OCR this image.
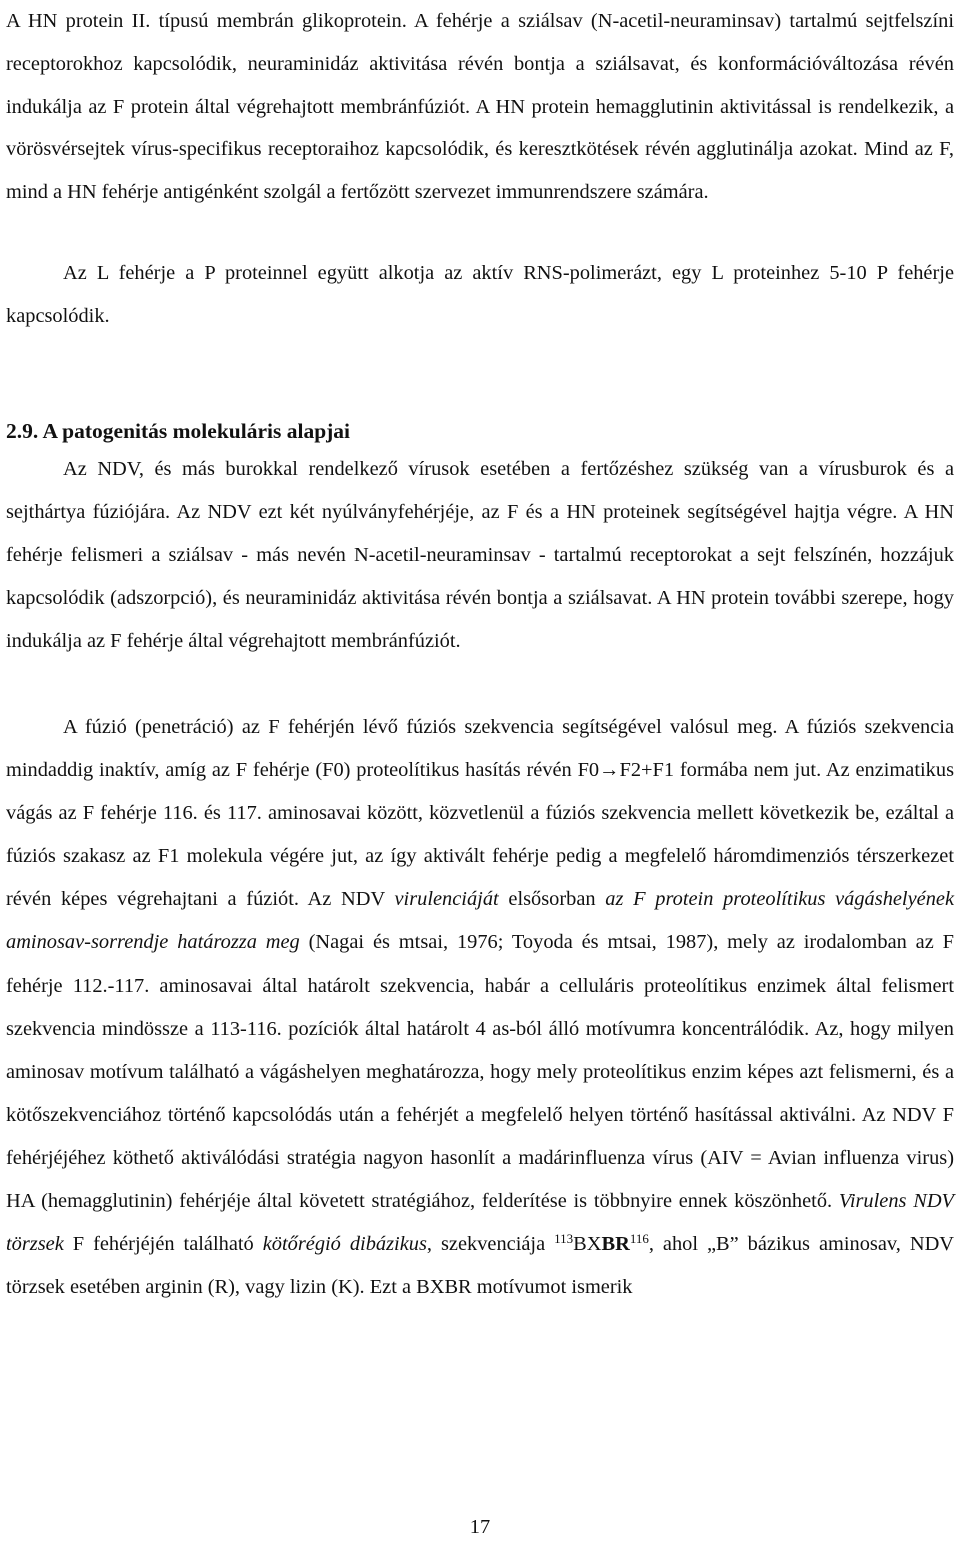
A HN protein II. típusú membrán glikoprotein. A fehérje a sziálsav (N-acetil-neuraminsav) tartalmú sejtfelszíni receptorokhoz kapcsolódik, neuraminidáz aktivitása révén bontja a sziálsavat, és konformációváltozása révén indukálja az F protein által végrehajtott membránfúziót. A HN protein hemagglutinin aktivitással is rendelkezik, a vörösvérsejtek vírus-specifikus receptoraihoz kapcsolódik, és keresztkötések révén agglutinálja azokat. Mind az F, mind a HN fehérje antigénként szolgál a fertőzött szervezet immunrendszere számára.

Az L fehérje a P proteinnel együtt alkotja az aktív RNS-polimerázt, egy L proteinhez 5-10 P fehérje kapcsolódik.

2.9. A patogenitás molekuláris alapjai

Az NDV, és más burokkal rendelkező vírusok esetében a fertőzéshez szükség van a vírusburok és a sejthártya fúziójára. Az NDV ezt két nyúlványfehérjéje, az F és a HN proteinek segítségével hajtja végre. A HN fehérje felismeri a sziálsav - más nevén N-acetil-neuraminsav - tartalmú receptorokat a sejt felszínén, hozzájuk kapcsolódik (adszorpció), és neuraminidáz aktivitása révén bontja a sziálsavat. A HN protein további szerepe, hogy indukálja az F fehérje által végrehajtott membránfúziót.

A fúzió (penetráció) az F fehérjén lévő fúziós szekvencia segítségével valósul meg. A fúziós szekvencia mindaddig inaktív, amíg az F fehérje (F0) proteolítikus hasítás révén F0→F2+F1 formába nem jut. Az enzimatikus vágás az F fehérje 116. és 117. aminosavai között, közvetlenül a fúziós szekvencia mellett következik be, ezáltal a fúziós szakasz az F1 molekula végére jut, az így aktivált fehérje pedig a megfelelő háromdimenziós térszerkezet révén képes végrehajtani a fúziót. Az NDV virulenciáját elsősorban az F protein proteolítikus vágáshelyének aminosav-sorrendje határozza meg (Nagai és mtsai, 1976; Toyoda és mtsai, 1987), mely az irodalomban az F fehérje 112.-117. aminosavai által határolt szekvencia, habár a celluláris proteolítikus enzimek által felismert szekvencia mindössze a 113-116. pozíciók által határolt 4 as-ból álló motívumra koncentrálódik. Az, hogy milyen aminosav motívum található a vágáshelyen meghatározza, hogy mely proteolítikus enzim képes azt felismerni, és a kötőszekvenciához történő kapcsolódás után a fehérjét a megfelelő helyen történő hasítással aktiválni. Az NDV F fehérjéjéhez köthető aktiválódási stratégia nagyon hasonlít a madárinfluenza vírus (AIV = Avian influenza virus) HA (hemagglutinin) fehérjéje által követett stratégiához, felderítése is többnyire ennek köszönhető. Virulens NDV törzsek F fehérjéjén található kötőrégió dibázikus, szekvenciája $^{113}$BXBR$^{116}$, ahol „B” bázikus aminosav, NDV törzsek esetében arginin (R), vagy lizin (K). Ezt a BXBR motívumot ismerik

17
